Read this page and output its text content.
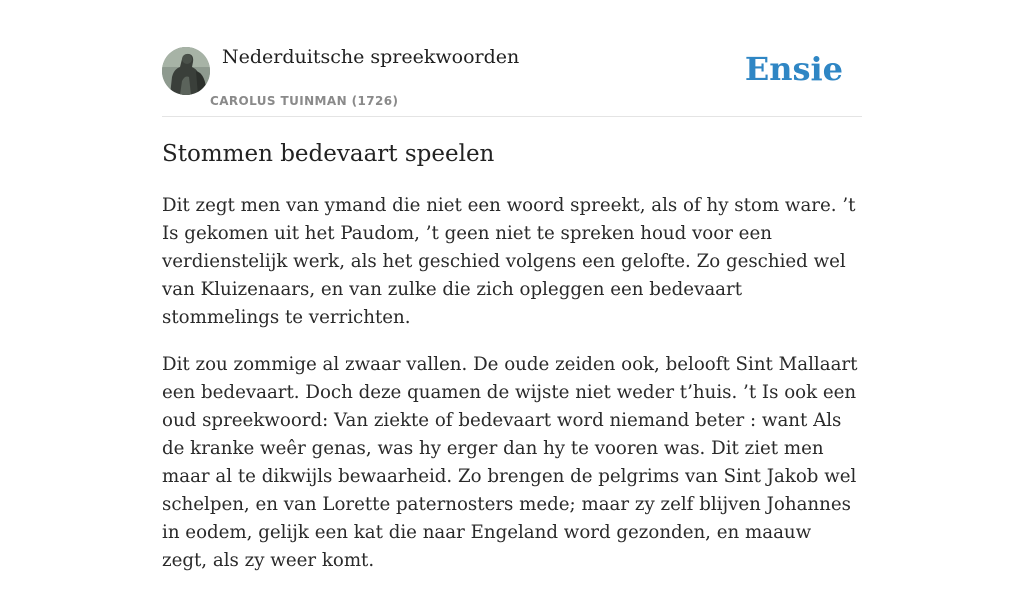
Nederduitsche spreekwoorden
CAROLUS TUINMAN (1726)
Ensie
Stommen bedevaart speelen

Dit zegt men van ymand die niet een woord spreekt, als of hy stom ware. ’t Is gekomen uit het Paudom, ’t geen niet te spreken houd voor een verdienstelijk werk, als het geschied volgens een gelofte. Zo geschied wel van Kluizenaars, en van zulke die zich opleggen een bedevaart stommelings te verrichten.

Dit zou zommige al zwaar vallen. De oude zeiden ook, belooft Sint Mallaart een bedevaart. Doch deze quamen de wijste niet weder t’huis. ’t Is ook een oud spreekwoord: Van ziekte of bedevaart word niemand beter : want Als de kranke weêr genas, was hy erger dan hy te vooren was. Dit ziet men maar al te dikwijls bewaarheid. Zo brengen de pelgrims van Sint Jakob wel schelpen, en van Lorette paternosters mede; maar zy zelf blijven Johannes in eodem, gelijk een kat die naar Engeland word gezonden, en maauw zegt, als zy weer komt.
